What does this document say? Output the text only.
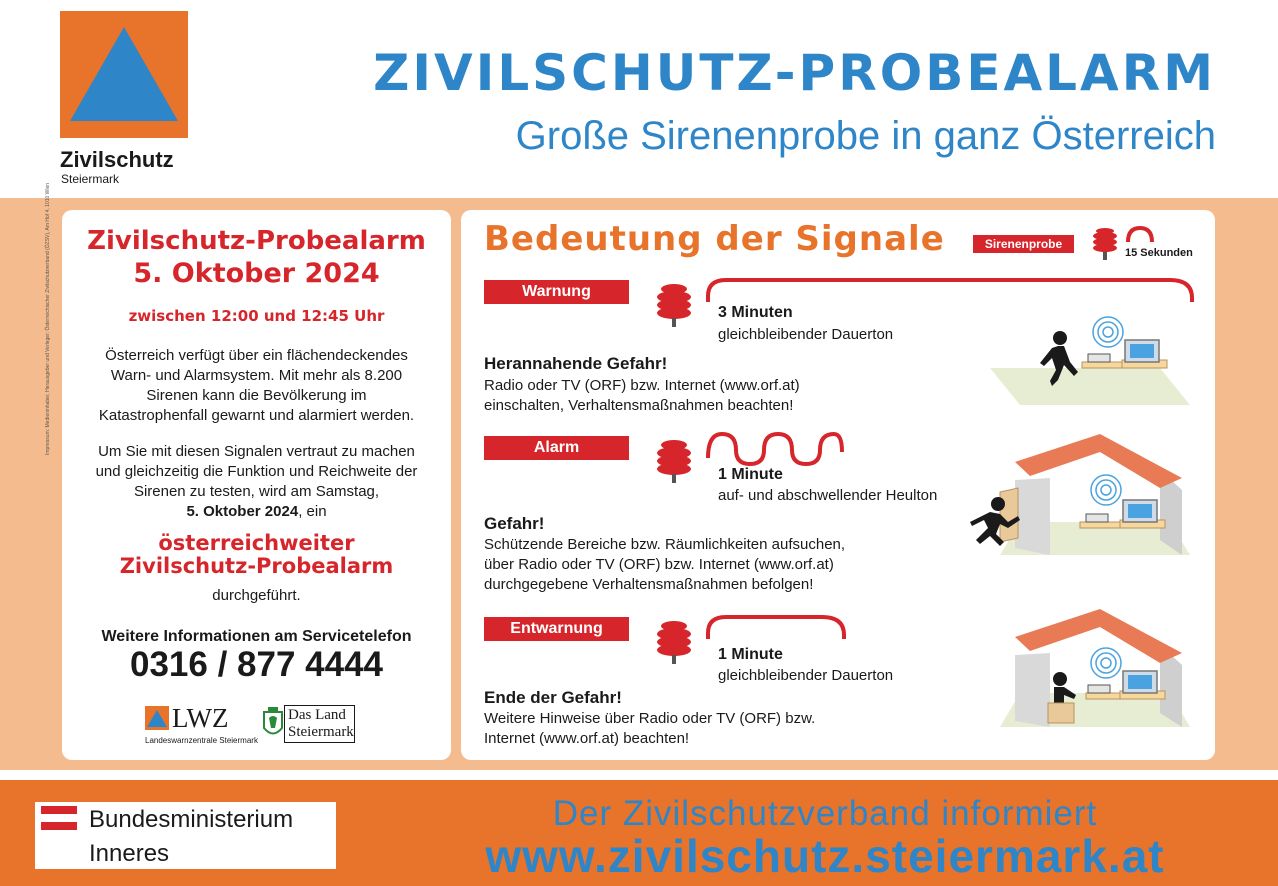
Zivilschutz
Steiermark
ZIVILSCHUTZ-PROBEALARM
Große Sirenenprobe in ganz Österreich
Impressum: Medieninhaber, Herausgeber und Verleger: Österreichischer Zivilschutzverband (ÖZSV), Am Hof 4, 1010 Wien	Zivilschutz-Probealarm
5. Oktober 2024
zwischen 12:00 und 12:45 Uhr
Österreich verfügt über ein flächendeckendes
Warn- und Alarmsystem. Mit mehr als 8.200
Sirenen kann die Bevölkerung im
Katastrophenfall gewarnt und alarmiert werden.
Um Sie mit diesen Signalen vertraut zu machen
und gleichzeitig die Funktion und Reichweite der
Sirenen zu testen, wird am Samstag,
5. Oktober 2024, ein
österreichweiter
Zivilschutz-Probealarm
durchgeführt.
Weitere Informationen am Servicetelefon
0316 / 877 4444
LWZ
Landeswarnzentrale Steiermark
Das Land
Steiermark
Bedeutung der Signale	Sirenenprobe
15 Sekunden
Warnung
3 Minuten
gleichbleibender Dauerton
Herannahende Gefahr!
Radio oder TV (ORF) bzw. Internet (www.orf.at)
einschalten, Verhaltensmaßnahmen beachten!
Alarm
1 Minute
auf- und abschwellender Heulton
Gefahr!
Schützende Bereiche bzw. Räumlichkeiten aufsuchen,
über Radio oder TV (ORF) bzw. Internet (www.orf.at)
durchgegebene Verhaltensmaßnahmen befolgen!
Entwarnung
1 Minute
gleichbleibender Dauerton
Ende der Gefahr!
Weitere Hinweise über Radio oder TV (ORF) bzw.
Internet (www.orf.at) beachten!
Bundesministerium
Inneres
Der Zivilschutzverband informiert
www.zivilschutz.steiermark.at
